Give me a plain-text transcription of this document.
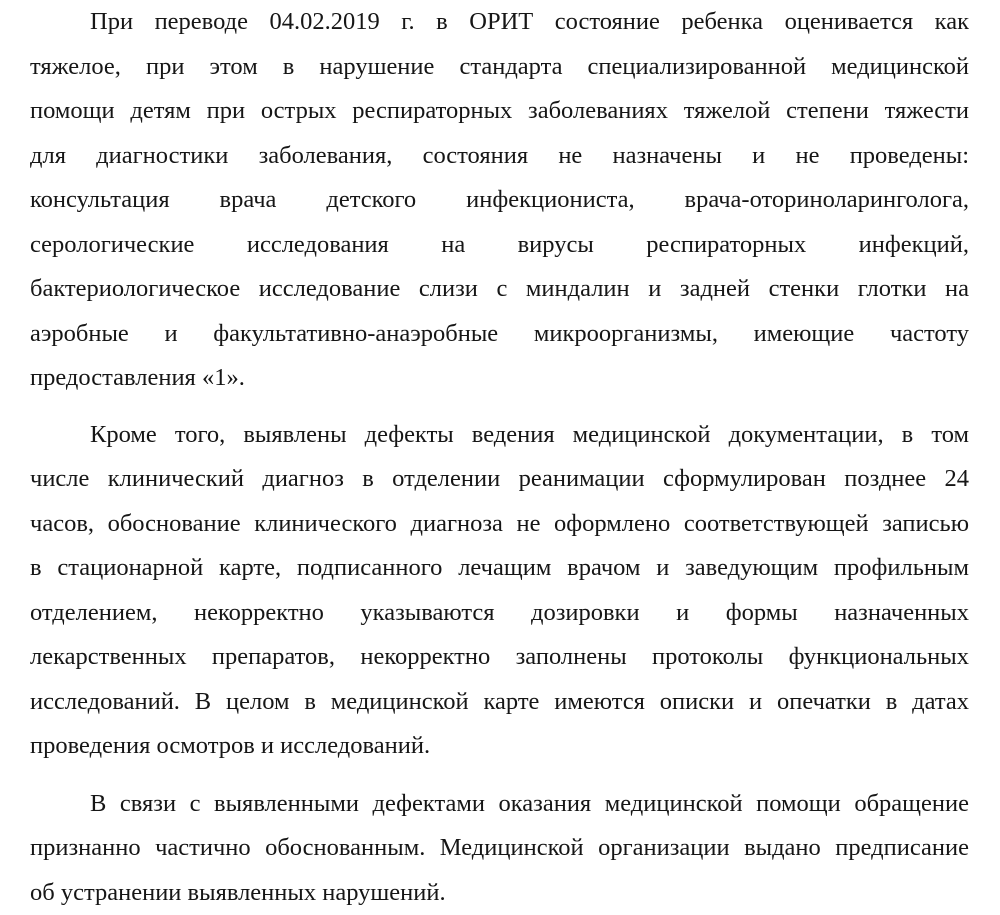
При переводе 04.02.2019 г. в ОРИТ состояние ребенка оценивается как
тяжелое, при этом в нарушение стандарта специализированной медицинской
помощи детям при острых респираторных заболеваниях тяжелой степени тяжести
для диагностики заболевания, состояния не назначены и не проведены:
консультация врача детского инфекциониста, врача-оториноларинголога,
серологические исследования на вирусы респираторных инфекций,
бактериологическое исследование слизи с миндалин и задней стенки глотки на
аэробные и факультативно-анаэробные микроорганизмы, имеющие частоту
предоставления «1».
Кроме того, выявлены дефекты ведения медицинской документации, в том
числе клинический диагноз в отделении реанимации сформулирован позднее 24
часов, обоснование клинического диагноза не оформлено соответствующей записью
в стационарной карте, подписанного лечащим врачом и заведующим профильным
отделением, некорректно указываются дозировки и формы назначенных
лекарственных препаратов, некорректно заполнены протоколы функциональных
исследований. В целом в медицинской карте имеются описки и опечатки в датах
проведения осмотров и исследований.
В связи с выявленными дефектами оказания медицинской помощи обращение
признанно частично обоснованным. Медицинской организации выдано предписание
об устранении выявленных нарушений.
